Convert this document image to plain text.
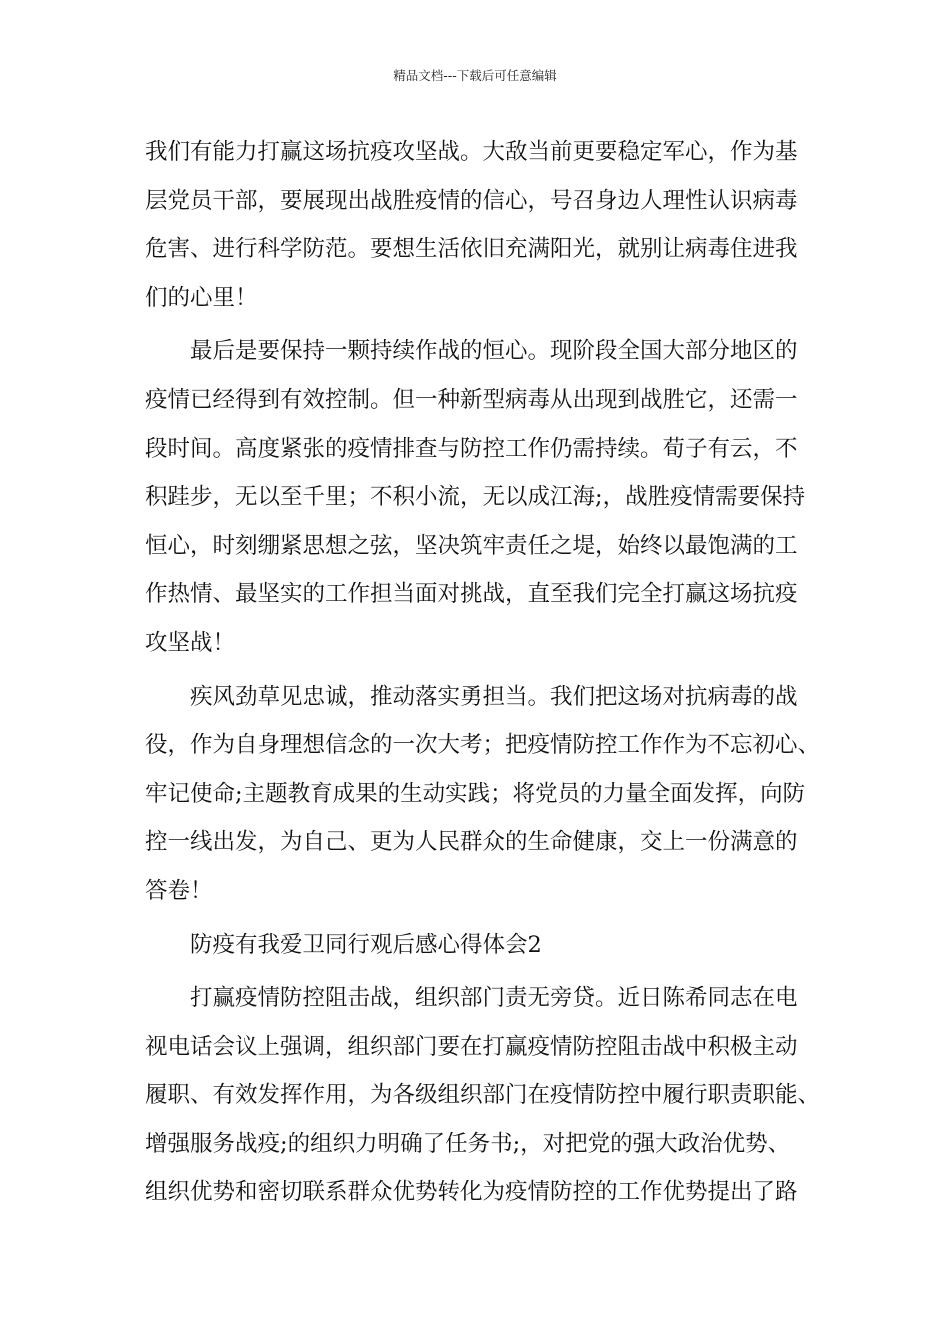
精品文档---下载后可任意编辑
我们有能力打赢这场抗疫攻坚战。大敌当前更要稳定军心，作为基
层党员干部，要展现出战胜疫情的信心，号召身边人理性认识病毒
危害、进行科学防范。要想生活依旧充满阳光，就别让病毒住进我
们的心里！
最后是要保持一颗持续作战的恒心。现阶段全国大部分地区的
疫情已经得到有效控制。但一种新型病毒从出现到战胜它，还需一
段时间。高度紧张的疫情排查与防控工作仍需持续。荀子有云，不
积跬步，无以至千里；不积小流，无以成江海;，战胜疫情需要保持
恒心，时刻绷紧思想之弦，坚决筑牢责任之堤，始终以最饱满的工
作热情、最坚实的工作担当面对挑战，直至我们完全打赢这场抗疫
攻坚战！
疾风劲草见忠诚，推动落实勇担当。我们把这场对抗病毒的战
役，作为自身理想信念的一次大考；把疫情防控工作作为不忘初心、
牢记使命;主题教育成果的生动实践；将党员的力量全面发挥，向防
控一线出发，为自己、更为人民群众的生命健康，交上一份满意的
答卷！
防疫有我爱卫同行观后感心得体会2
打赢疫情防控阻击战，组织部门责无旁贷。近日陈希同志在电
视电话会议上强调，组织部门要在打赢疫情防控阻击战中积极主动
履职、有效发挥作用，为各级组织部门在疫情防控中履行职责职能、
增强服务战疫;的组织力明确了任务书;，对把党的强大政治优势、
组织优势和密切联系群众优势转化为疫情防控的工作优势提出了路
